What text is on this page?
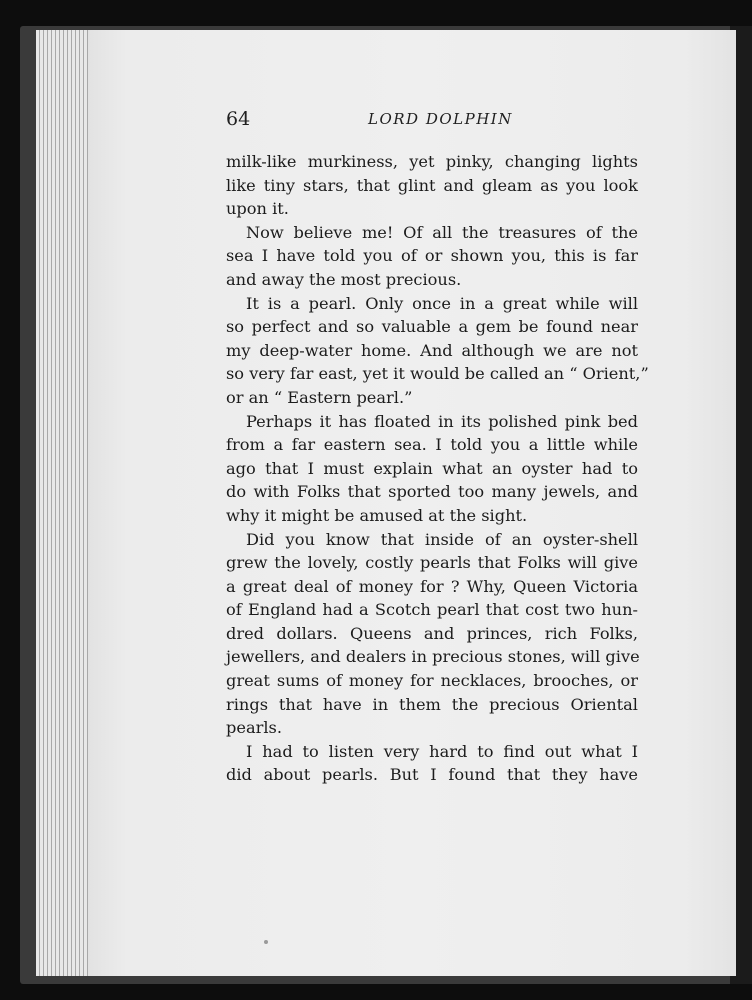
64	LORD DOLPHIN

milk-like murkiness, yet pinky, changing lights
like tiny stars, that glint and gleam as you look
upon it.

Now believe me! Of all the treasures of the
sea I have told you of or shown you, this is far
and away the most precious.

It is a pearl. Only once in a great while will
so perfect and so valuable a gem be found near
my deep-water home. And although we are not
so very far east, yet it would be called an “ Orient,”
or an “ Eastern pearl.”

Perhaps it has floated in its polished pink bed
from a far eastern sea. I told you a little while
ago that I must explain what an oyster had to
do with Folks that sported too many jewels, and
why it might be amused at the sight.

Did you know that inside of an oyster-shell
grew the lovely, costly pearls that Folks will give
a great deal of money for ? Why, Queen Victoria
of England had a Scotch pearl that cost two hun-
dred dollars. Queens and princes, rich Folks,
jewellers, and dealers in precious stones, will give
great sums of money for necklaces, brooches, or
rings that have in them the precious Oriental
pearls.

I had to listen very hard to find out what I
did about pearls. But I found that they have
